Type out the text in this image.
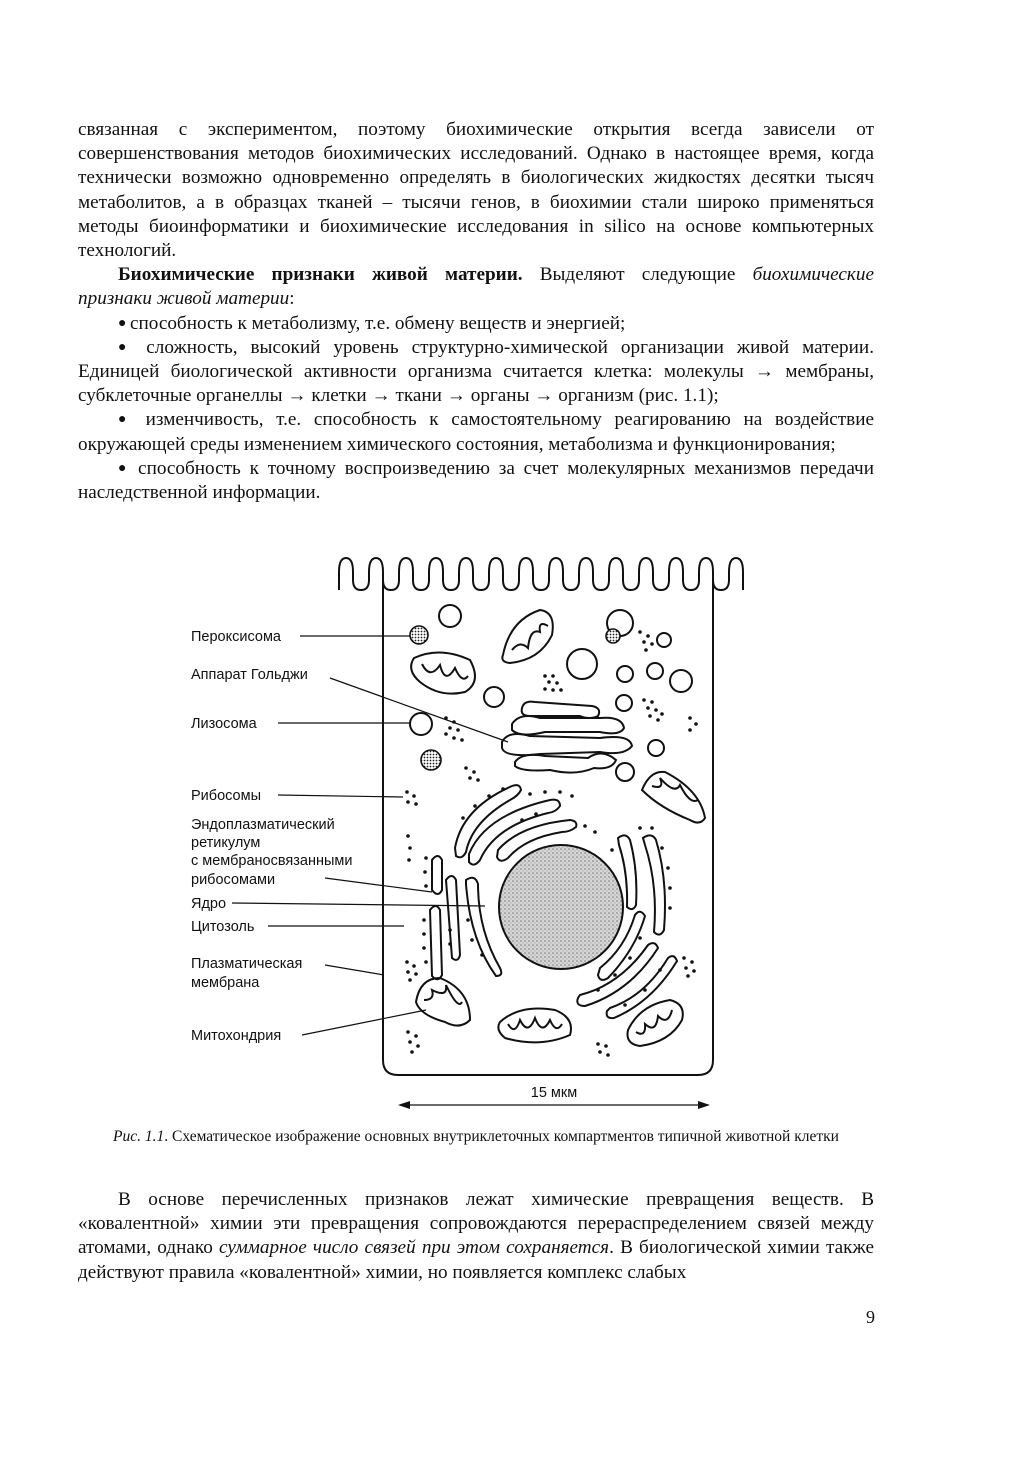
связанная с экспериментом, поэтому биохимические открытия всегда зависели от совершенствования методов биохимических исследований. Однако в настоящее время, когда технически возможно одновременно определять в биологических жидкостях десятки тысяч метаболитов, а в образцах тканей – тысячи генов, в биохимии стали широко применяться методы биоинформатики и биохимические исследования in silico на основе компьютерных технологий.

Биохимические признаки живой материи. Выделяют следующие биохимические признаки живой материи:

● способность к метаболизму, т.е. обмену веществ и энергией;

● сложность, высокий уровень структурно-химической организации живой материи. Единицей биологической активности организма считается клетка: молекулы → мембраны, субклеточные органеллы → клетки → ткани → органы → организм (рис. 1.1);

● изменчивость, т.е. способность к самостоятельному реагированию на воздействие окружающей среды изменением химического состояния, метаболизма и функционирования;

● способность к точному воспроизведению за счет молекулярных механизмов передачи наследственной информации.

Пероксисома
Аппарат Гольджи
Лизосома
Рибосомы
Эндоплазматический
ретикулум
с мембраносвязанными
рибосомами
Ядро
Цитозоль
Плазматическая
мембрана
Митохондрия
15 мкм
Рис. 1.1. Схематическое изображение основных внутриклеточных компартментов типичной животной клетки

В основе перечисленных признаков лежат химические превращения веществ. В «ковалентной» химии эти превращения сопровождаются перераспределением связей между атомами, однако суммарное число связей при этом сохраняется. В биологической химии также действуют правила «ковалентной» химии, но появляется комплекс слабых

9
